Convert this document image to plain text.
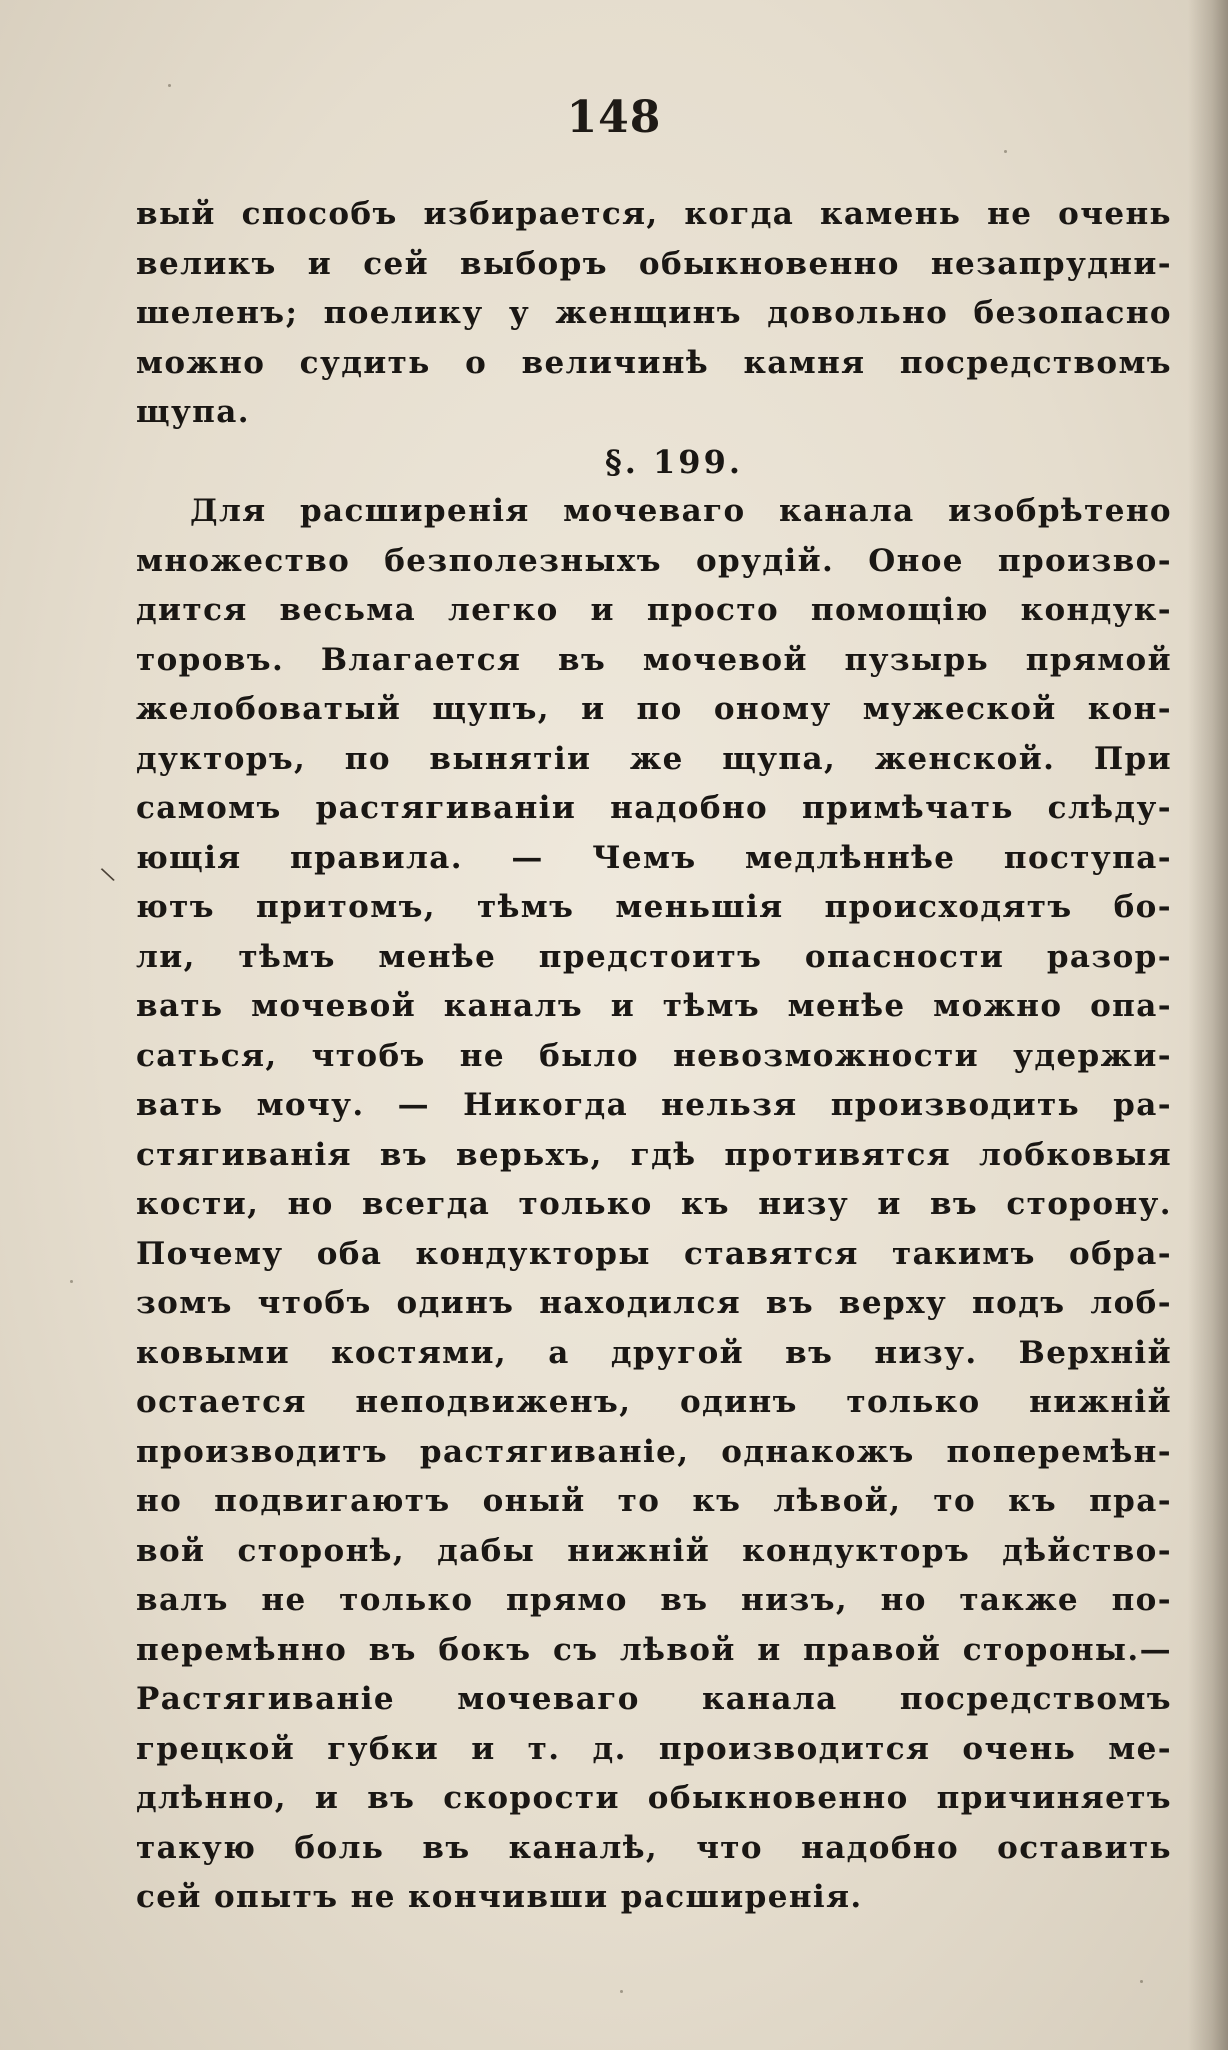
148
вый способъ избирается, когда камень не очень
великъ и сей выборъ обыкновенно незапрудни-
шеленъ; поелику у женщинъ довольно безопасно
можно судить о величинѣ камня посредствомъ
щупа.
§. 199.
Для расширенія мочеваго канала изобрѣтено
множество безполезныхъ орудій. Оное произво-
дится весьма легко и просто помощію кондук-
торовъ. Влагается въ мочевой пузырь прямой
желобоватый щупъ, и по оному мужеской кон-
дукторъ, по вынятіи же щупа, женской. При
самомъ растягиваніи надобно примѣчать слѣду-
ющія правила. — Чемъ медлѣннѣе поступа-
ютъ притомъ, тѣмъ меньшія происходятъ бо-
ли, тѣмъ менѣе предстоитъ опасности разор-
вать мочевой каналъ и тѣмъ менѣе можно опа-
саться, чтобъ не было невозможности удержи-
вать мочу. — Никогда нельзя производить ра-
стягиванія въ верьхъ, гдѣ противятся лобковыя
кости, но всегда только къ низу и въ сторону.
Почему оба кондукторы ставятся такимъ обра-
зомъ чтобъ одинъ находился въ верху подъ лоб-
ковыми костями, а другой въ низу. Верхній
остается неподвиженъ, одинъ только нижній
производитъ растягиваніе, однакожъ поперемѣн-
но подвигаютъ оный то къ лѣвой, то къ пра-
вой сторонѣ, дабы нижній кондукторъ дѣйство-
валъ не только прямо въ низъ, но также по-
перемѣнно въ бокъ съ лѣвой и правой стороны.—
Растягиваніе мочеваго канала посредствомъ
грецкой губки и т. д. производится очень ме-
длѣнно, и въ скорости обыкновенно причиняетъ
такую боль въ каналѣ, что надобно оставить
сей опытъ не кончивши расширенія.
\
